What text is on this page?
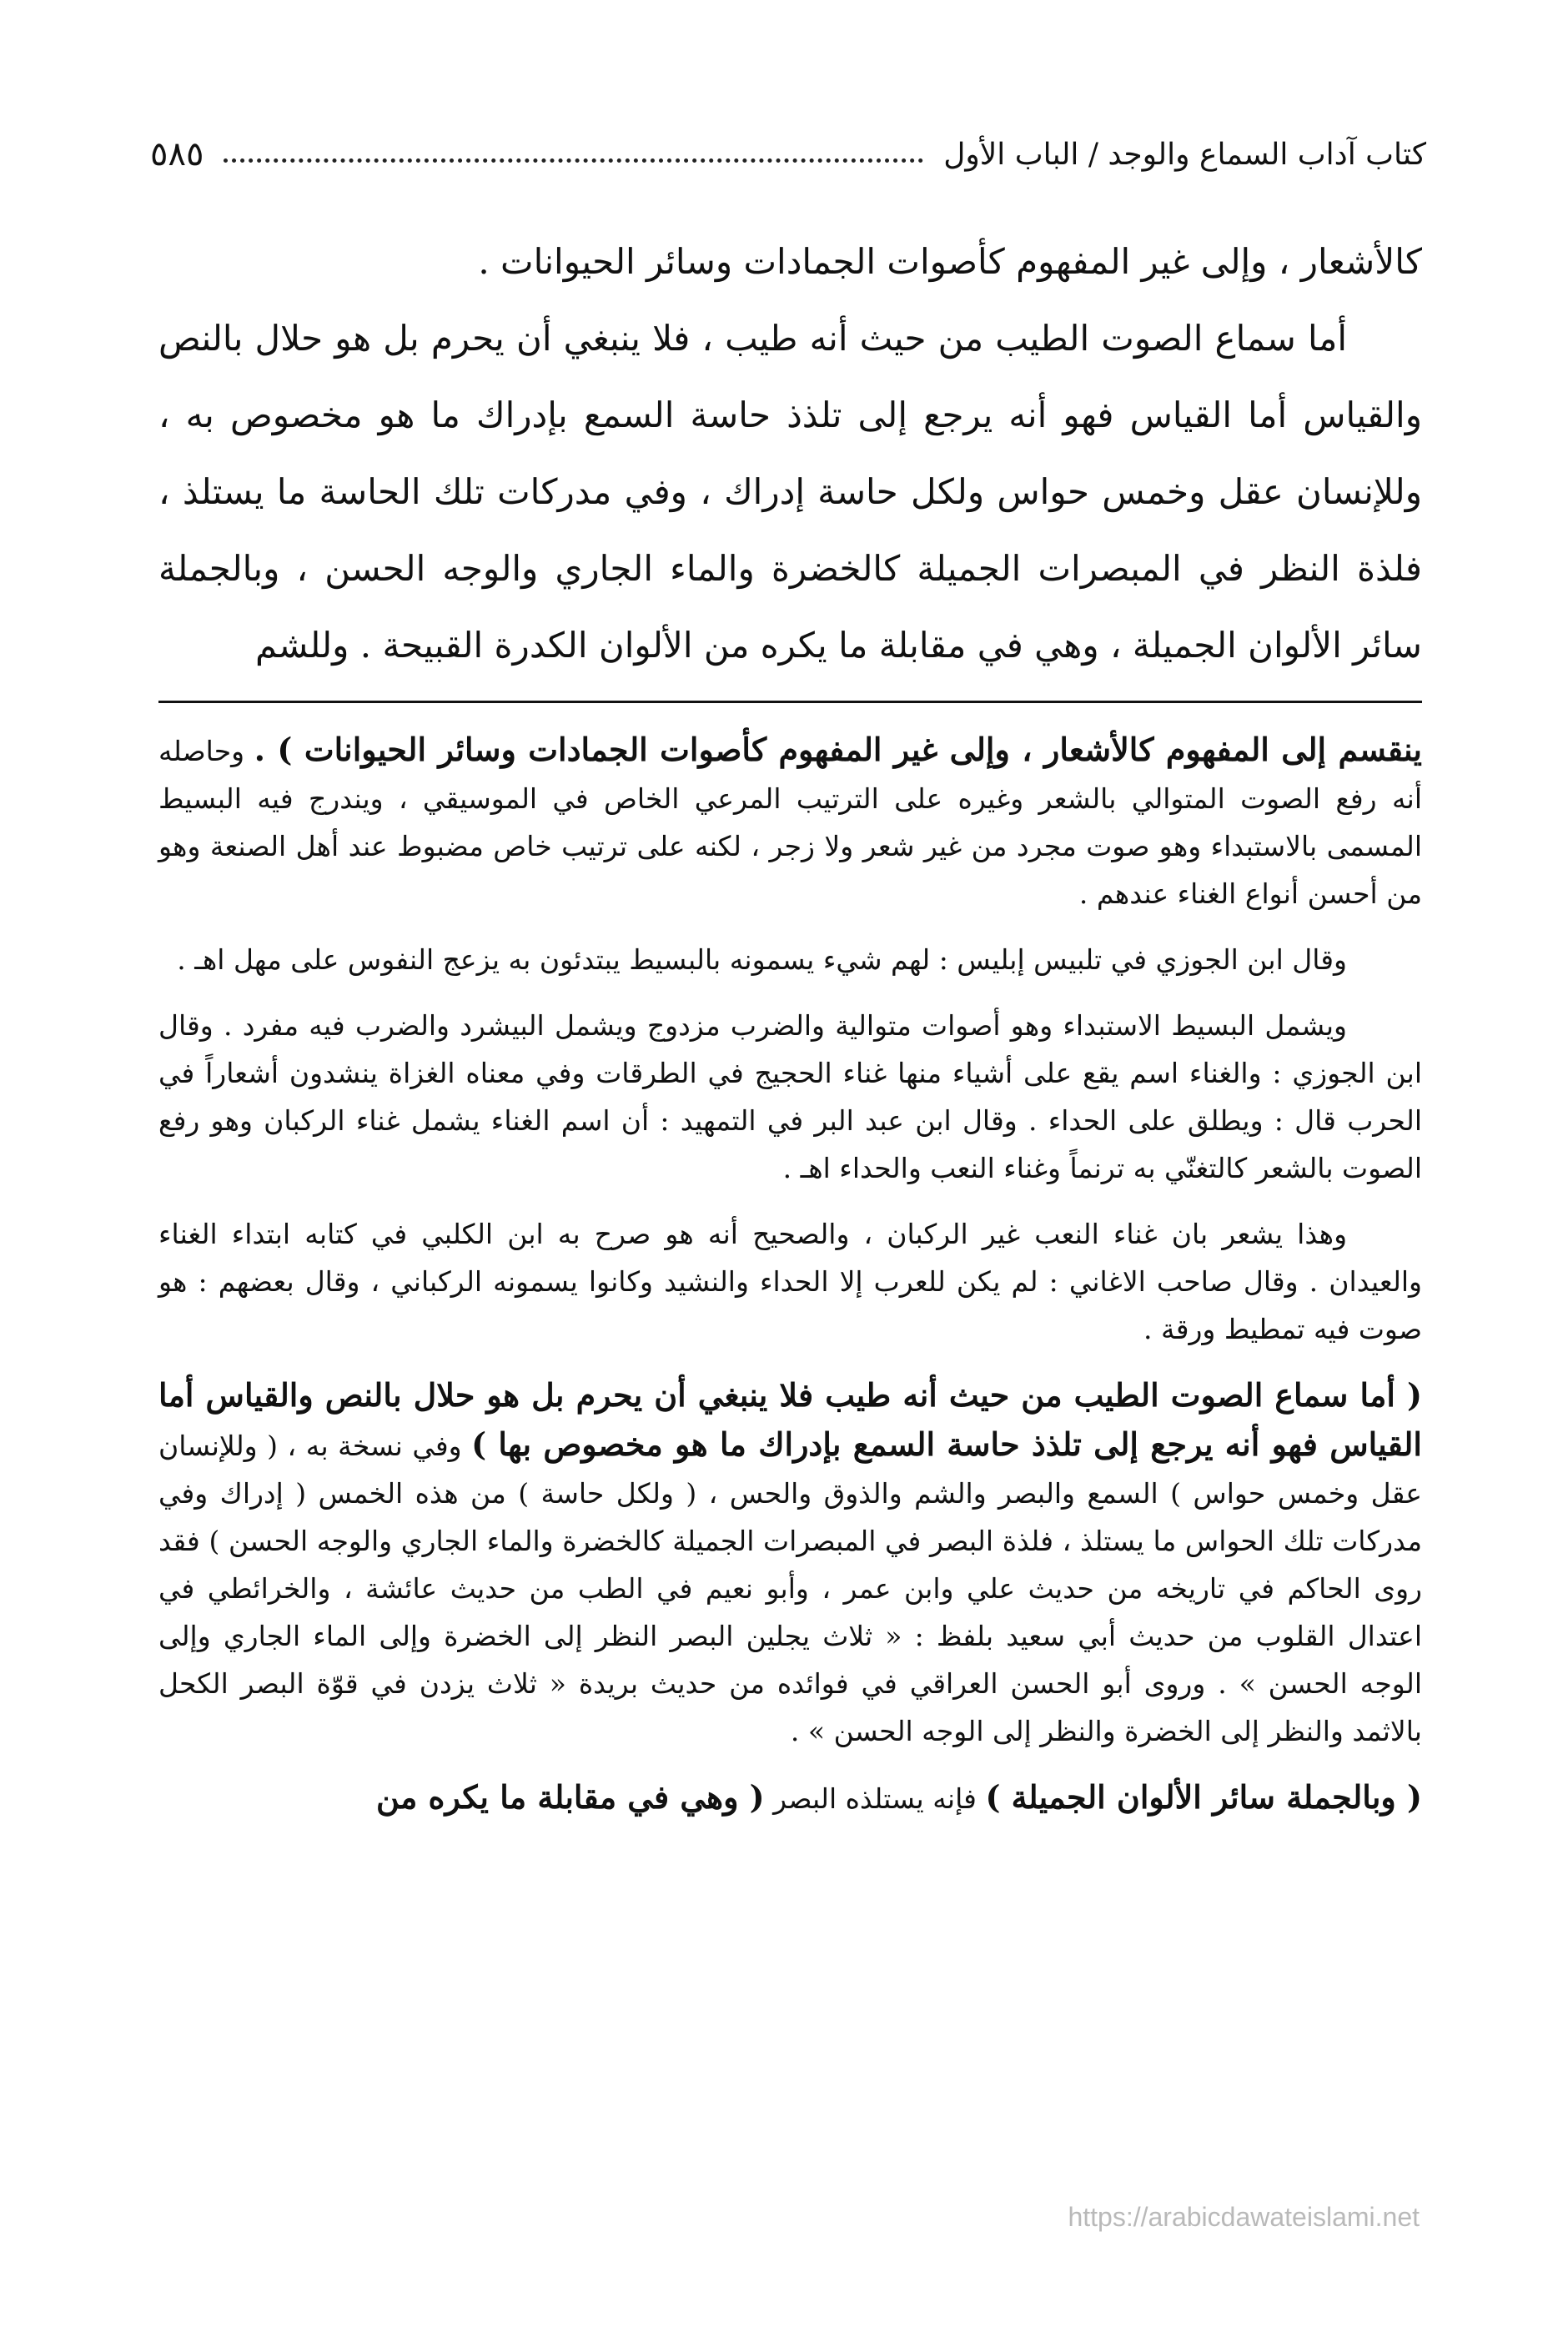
كتاب آداب السماع والوجد / الباب الأول
٥٨٥

كالأشعار ، وإلى غير المفهوم كأصوات الجمادات وسائر الحيوانات .

أما سماع الصوت الطيب من حيث أنه طيب ، فلا ينبغي أن يحرم بل هو حلال بالنص والقياس أما القياس فهو أنه يرجع إلى تلذذ حاسة السمع بإدراك ما هو مخصوص به ، وللإنسان عقل وخمس حواس ولكل حاسة إدراك ، وفي مدركات تلك الحاسة ما يستلذ ، فلذة النظر في المبصرات الجميلة كالخضرة والماء الجاري والوجه الحسن ، وبالجملة سائر الألوان الجميلة ، وهي في مقابلة ما يكره من الألوان الكدرة القبيحة . وللشم

ينقسم إلى المفهوم كالأشعار ، وإلى غير المفهوم كأصوات الجمادات وسائر الحيوانات ) . وحاصله أنه رفع الصوت المتوالي بالشعر وغيره على الترتيب المرعي الخاص في الموسيقي ، ويندرج فيه البسيط المسمى بالاستبداء وهو صوت مجرد من غير شعر ولا زجر ، لكنه على ترتيب خاص مضبوط عند أهل الصنعة وهو من أحسن أنواع الغناء عندهم .

وقال ابن الجوزي في تلبيس إبليس : لهم شيء يسمونه بالبسيط يبتدئون به يزعج النفوس على مهل اهـ .

ويشمل البسيط الاستبداء وهو أصوات متوالية والضرب مزدوج ويشمل البيشرد والضرب فيه مفرد . وقال ابن الجوزي : والغناء اسم يقع على أشياء منها غناء الحجيج في الطرقات وفي معناه الغزاة ينشدون أشعاراً في الحرب قال : ويطلق على الحداء . وقال ابن عبد البر في التمهيد : أن اسم الغناء يشمل غناء الركبان وهو رفع الصوت بالشعر كالتغنّي به ترنماً وغناء النعب والحداء اهـ .

وهذا يشعر بان غناء النعب غير الركبان ، والصحيح أنه هو صرح به ابن الكلبي في كتابه ابتداء الغناء والعيدان . وقال صاحب الاغاني : لم يكن للعرب إلا الحداء والنشيد وكانوا يسمونه الركباني ، وقال بعضهم : هو صوت فيه تمطيط ورقة .

( أما سماع الصوت الطيب من حيث أنه طيب فلا ينبغي أن يحرم بل هو حلال بالنص والقياس أما القياس فهو أنه يرجع إلى تلذذ حاسة السمع بإدراك ما هو مخصوص بها ) وفي نسخة به ، ( وللإنسان عقل وخمس حواس ) السمع والبصر والشم والذوق والحس ، ( ولكل حاسة ) من هذه الخمس ( إدراك وفي مدركات تلك الحواس ما يستلذ ، فلذة البصر في المبصرات الجميلة كالخضرة والماء الجاري والوجه الحسن ) فقد روى الحاكم في تاريخه من حديث علي وابن عمر ، وأبو نعيم في الطب من حديث عائشة ، والخرائطي في اعتدال القلوب من حديث أبي سعيد بلفظ : « ثلاث يجلين البصر النظر إلى الخضرة وإلى الماء الجاري وإلى الوجه الحسن » . وروى أبو الحسن العراقي في فوائده من حديث بريدة « ثلاث يزدن في قوّة البصر الكحل بالاثمد والنظر إلى الخضرة والنظر إلى الوجه الحسن » .

( وبالجملة سائر الألوان الجميلة ) فإنه يستلذه البصر ( وهي في مقابلة ما يكره من

https://arabicdawateislami.net
